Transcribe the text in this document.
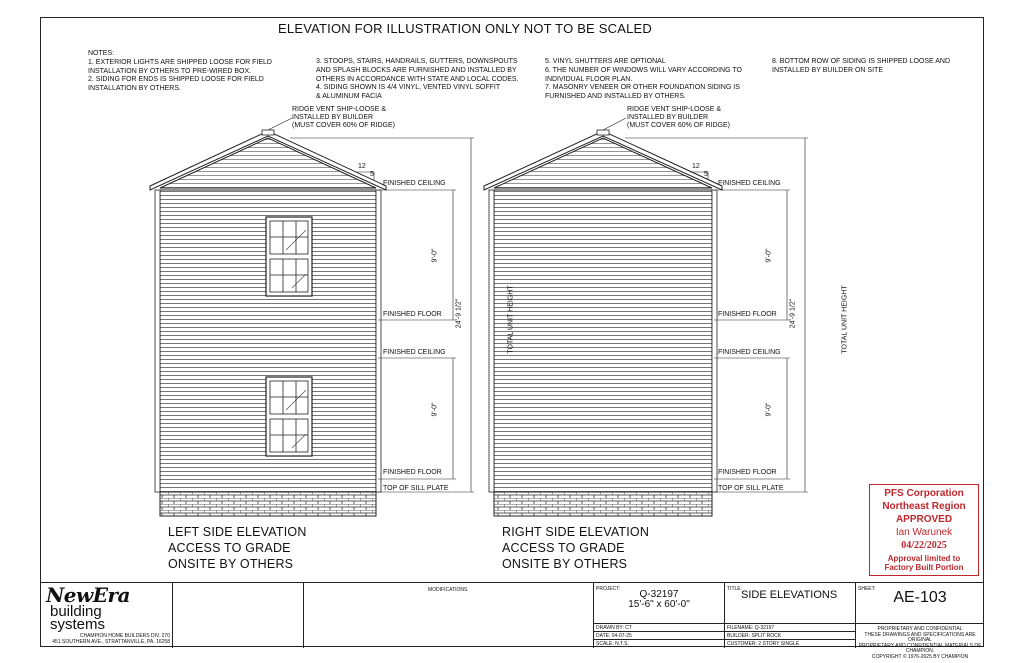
ELEVATION FOR ILLUSTRATION ONLY NOT TO BE SCALED
NOTES:
1. EXTERIOR LIGHTS ARE SHIPPED LOOSE FOR FIELD
INSTALLATION BY OTHERS TO PRE-WIRED BOX.
2. SIDING FOR ENDS IS SHIPPED LOOSE FOR FIELD
INSTALLATION BY OTHERS.
3. STOOPS, STAIRS, HANDRAILS, GUTTERS, DOWNSPOUTS
AND SPLASH BLOCKS ARE FURNISHED AND INSTALLED BY
OTHERS IN ACCORDANCE WITH STATE AND LOCAL CODES.
4. SIDING SHOWN IS 4/4 VINYL, VENTED VINYL SOFFIT
& ALUMINUM FACIA
5. VINYL SHUTTERS ARE OPTIONAL
6. THE NUMBER OF WINDOWS WILL VARY ACCORDING TO
INDIVIDUAL FLOOR PLAN.
7. MASONRY VENEER OR OTHER FOUNDATION SIDING IS
FURNISHED AND INSTALLED BY OTHERS.
8. BOTTOM ROW OF SIDING IS SHIPPED LOOSE AND
INSTALLED BY BUILDER ON SITE
RIDGE VENT SHIP-LOOSE &
INSTALLED BY BUILDER
(MUST COVER 60% OF RIDGE)
12
5
FINISHED CEILING
FINISHED FLOOR
FINISHED CEILING
FINISHED FLOOR
TOP OF SILL PLATE
9'-0"
9'-0"
24'-9 1/2"	TOTAL UNIT HEIGHT
RIDGE VENT SHIP-LOOSE &
INSTALLED BY BUILDER
(MUST COVER 60% OF RIDGE)
12
5
FINISHED CEILING
FINISHED FLOOR
FINISHED CEILING
FINISHED FLOOR
TOP OF SILL PLATE
9'-0"
9'-0"
24'-9 1/2"	TOTAL UNIT HEIGHT
LEFT SIDE ELEVATION
ACCESS TO GRADE
ONSITE BY OTHERS
RIGHT SIDE ELEVATION
ACCESS TO GRADE
ONSITE BY OTHERS
PFS Corporation
Northeast Region
APPROVED
Ian Warunek
04/22/2025
Approval limited to
Factory Built Portion
NewEra
building
systems
CHAMPION HOME BUILDERS DIV. 270
451 SOUTHERN AVE., STRATTANVILLE, PA. 16258
MODIFICATIONS	PROJECT:	Q-32197
15'-6" x 60'-0"
DRAWN BY: CT
DATE: 04-07-25
SCALE: N.T.S.
TITLE:
SIDE ELEVATIONS
FILENAME: Q-32197
BUILDER: SPLIT ROCK
CUSTOMER: 2 STORY SINGLE
SHEET:	AE-103
PROPRIETARY AND CONFIDENTIAL
THESE DRAWINGS AND SPECIFICATIONS ARE ORIGINAL
PROPRIETARY AND CONFIDENTIAL MATERIALS OF CHAMPION.
COPYRIGHT © 1976-2025 BY CHAMPION
